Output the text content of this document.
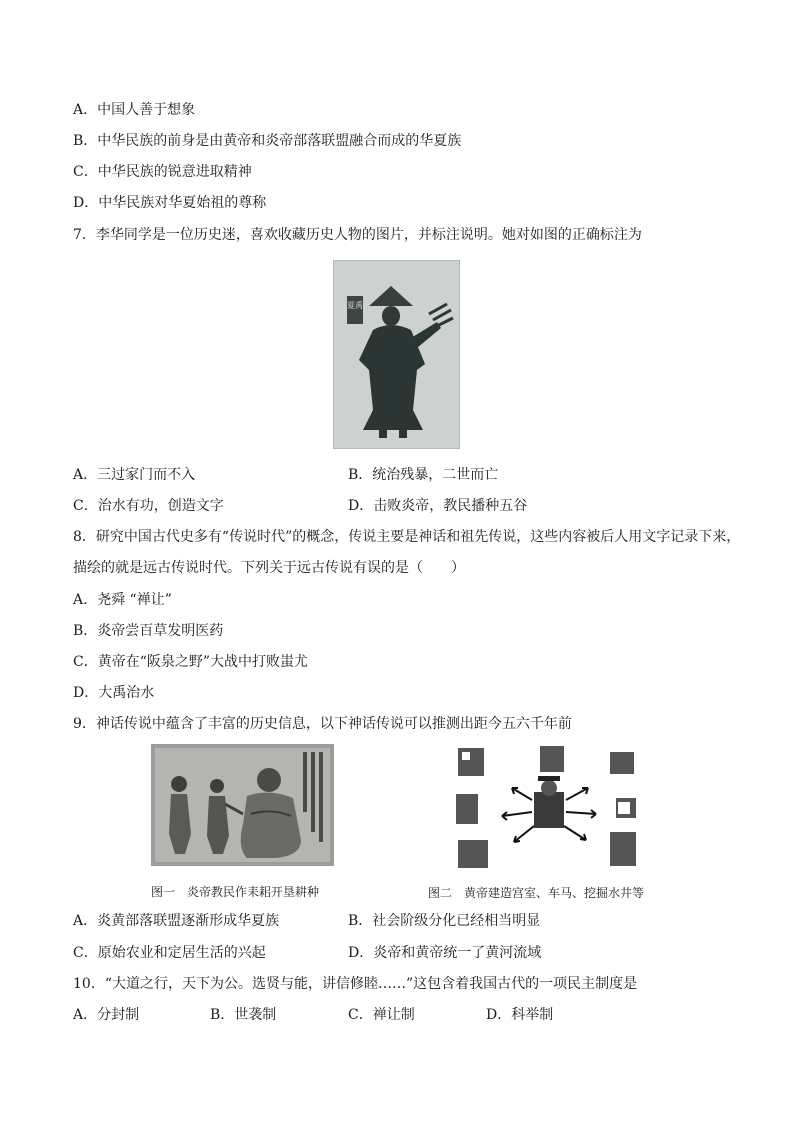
A．中国人善于想象
B．中华民族的前身是由黄帝和炎帝部落联盟融合而成的华夏族
C．中华民族的锐意进取精神
D．中华民族对华夏始祖的尊称
7．李华同学是一位历史迷，喜欢收藏历史人物的图片，并标注说明。她对如图的正确标注为
夏禹
A．三过家门而不入	B．统治残暴，二世而亡
C．治水有功，创造文字	D．击败炎帝，教民播种五谷
8．研究中国古代史多有“传说时代”的概念，传说主要是神话和祖先传说，这些内容被后人用文字记录下来，
描绘的就是远古传说时代。下列关于远古传说有误的是（　　）
A．尧舜 “禅让”
B．炎帝尝百草发明医药
C．黄帝在“阪泉之野”大战中打败蚩尤
D．大禹治水
9．神话传说中蕴含了丰富的历史信息，以下神话传说可以推测出距今五六千年前
图一　炎帝教民作耒耜开垦耕种	图二　黄帝建造宫室、车马、挖掘水井等
A．炎黄部落联盟逐渐形成华夏族	B．社会阶级分化已经相当明显
C．原始农业和定居生活的兴起	D．炎帝和黄帝统一了黄河流域
10．“大道之行，天下为公。选贤与能，讲信修睦……”这包含着我国古代的一项民主制度是
A．分封制	B．世袭制	C．禅让制	D．科举制
